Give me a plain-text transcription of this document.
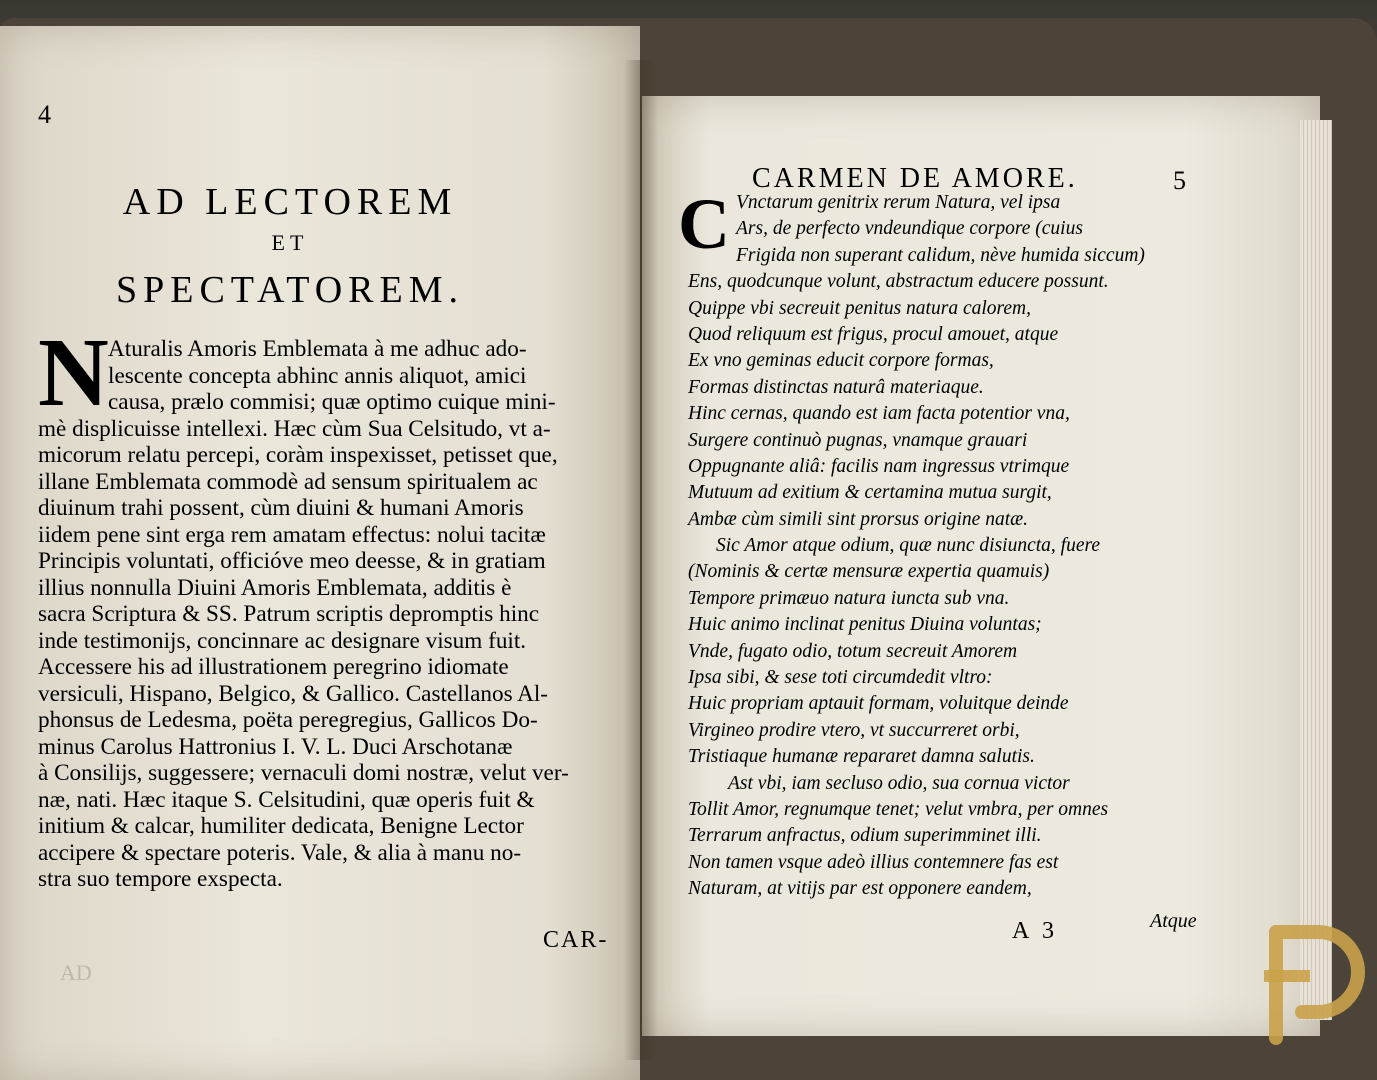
4
AD LECTOREM
ET
SPECTATOREM.
N Aturalis Amoris Emblemata à me adhuc ado-
lescente concepta abhinc annis aliquot, amici
causa, prælo commisi; quæ optimo cuique mini-
mè displicuisse intellexi. Hæc cùm Sua Celsitudo, vt a-
micorum relatu percepi, coràm inspexisset, petisset que,
illane Emblemata commodè ad sensum spiritualem ac
diuinum trahi possent, cùm diuini & humani Amoris
iidem pene sint erga rem amatam effectus: nolui tacitæ
Principis voluntati, officióve meo deesse, & in gratiam
illius nonnulla Diuini Amoris Emblemata, additis è
sacra Scriptura & SS. Patrum scriptis depromptis hinc
inde testimonijs, concinnare ac designare visum fuit.
Accessere his ad illustrationem peregrino idiomate
versiculi, Hispano, Belgico, & Gallico. Castellanos Al-
phonsus de Ledesma, poëta peregregius, Gallicos Do-
minus Carolus Hattronius I. V. L. Duci Arschotanæ
à Consilijs, suggessere; vernaculi domi nostræ, velut ver-
næ, nati. Hæc itaque S. Celsitudini, quæ operis fuit &
initium & calcar, humiliter dedicata, Benigne Lector
accipere & spectare poteris. Vale, & alia à manu no-
stra suo tempore exspecta.
CAR-
AD
CARMEN DE AMORE.	5
C Vnctarum genitrix rerum Natura, vel ipsa
Ars, de perfecto vndeundique corpore (cuius
Frigida non superant calidum, nève humida siccum)
Ens, quodcunque volunt, abstractum educere possunt.
Quippe vbi secreuit penitus natura calorem,
Quod reliquum est frigus, procul amouet, atque
Ex vno geminas educit corpore formas,
Formas distinctas naturâ materiaque.
Hinc cernas, quando est iam facta potentior vna,
Surgere continuò pugnas, vnamque grauari
Oppugnante aliâ: facilis nam ingressus vtrimque
Mutuum ad exitium & certamina mutua surgit,
Ambæ cùm simili sint prorsus origine natæ.
Sic Amor atque odium, quæ nunc disiuncta, fuere
(Nominis & certæ mensuræ expertia quamuis)
Tempore primæuo natura iuncta sub vna.
Huic animo inclinat penitus Diuina voluntas;
Vnde, fugato odio, totum secreuit Amorem
Ipsa sibi, & sese toti circumdedit vltro:
Huic propriam aptauit formam, voluitque deinde
Virgineo prodire vtero, vt succurreret orbi,
Tristiaque humanæ repararet damna salutis.
Ast vbi, iam secluso odio, sua cornua victor
Tollit Amor, regnumque tenet; velut vmbra, per omnes
Terrarum anfractus, odium superimminet illi.
Non tamen vsque adeò illius contemnere fas est
Naturam, at vitijs par est opponere eandem,
A 3	Atque
